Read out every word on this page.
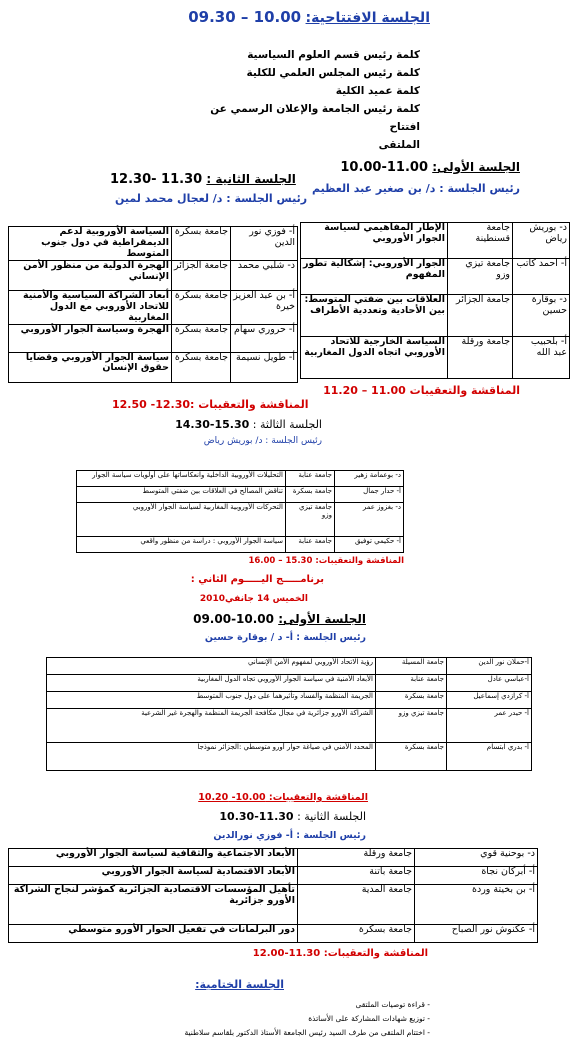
الجلسة الافتتاحية: 10.00 – 09.30
كلمة رئيس قسم العلوم السياسية
كلمة رئيس المجلس العلمي للكلية
كلمة عميد الكلية
كلمة رئيس الجامعة والإعلان الرسمي عن افتتاح
الملتقى
الجلسة الأولى: 11.00-10.00
رئيس الجلسة : د/ بن صغير عبد العظيم
د- بوريش رياض	جامعة قسنطينة	الإطار المفاهيمي لسياسة الجوار الأوروبي
أ- احمد كاتب	جامعة تيزي وزو	الجوار الأوروبي: إشكالية تطور المفهوم
د- بوقارة حسين	جامعة الجزائر	العلاقات بين ضفتي المتوسط: بين الأحادية وتعددية الأطراف
أ- بلحبيب عبد الله	جامعة ورقلة	السياسة الخارجية للاتحاد الأوروبي اتجاه الدول المغاربية
المناقشة والتعقيبات 11.00 – 11.20
الجلسة الثانية : 11.30 -12.30
رئيس الجلسة : د/ لعجال محمد لمين
أ- فوزي نور الدين	جامعة بسكرة	السياسة الأوروبية لدعم الديمقراطية في دول جنوب المتوسط
د- شلبي محمد	جامعة الجزائر	الهجرة الدولية من منظور الأمن الإنساني
أ- بن عبد العزيز خيرة	جامعة بسكرة	أبعاد الشراكة السياسية والأمنية للاتحاد الأوروبي مع الدول المغاربية
أ- حروري سهام	جامعة بسكرة	الهجرة وسياسة الجوار الأوروبي
أ- طويل نسيمة	جامعة بسكرة	سياسة الجوار الأوروبي وقضايا حقوق الإنسان
المناقشة والتعقيبات :12.30- 12.50
الجلسة الثالثة : 15.30-14.30
رئيس الجلسة : د/ بوريش رياض
د- بوعمامة زهير	جامعة عنابة	التحليلات الأوروبية الداخلية وانعكاساتها على أولويات سياسة الجوار
أ- حدار جمال	جامعة بسكرة	تناقض المصالح في العلاقات بين ضفتي المتوسط
د- بغزوز عمر	جامعة تيزي وزو	التحركات الأوروبية المغاربية لسياسة الجوار الأوروبي
أ- حكيمي توفيق	جامعة عنابة	سياسة الجوار الأوروبي : دراسة من منظور واقعي
المناقشة والتعقيبات: 15.30 – 16.00
برنامـــــج اليـــــوم الثاني :
الخميس 14 جانفي2010
الجلسة الأولى: 10.00-09.00
رئيس الجلسة : أ- د / بوقارة حسين
أ-حملان نور الدين	جامعة المسيلة	رؤية الاتحاد الأوروبي لمفهوم الأمن الإنساني
أ-عباسي عادل	جامعة عنابة	الأبعاد الأمنية في سياسة الجوار الأوروبي تجاه الدول المغاربية
أ- كرازدي إسماعيل	جامعة بسكرة	الجريمة المنظمة والفساد وتأثيرهما على دول جنوب المتوسط
أ- حيدر عمر	جامعة تيزي وزو	الشراكة الأورو جزائرية في مجال مكافحة الجريمة المنظمة والهجرة غير الشرعية
أ- بدري ابتسام	جامعة بسكرة	المحدد الأمني في صياغة حوار أورو متوسطي :الجزائر نموذجا
المناقشة والتعقيبات: 10.00- 10.20
الجلسة الثانية : 11.30-10.30
رئيس الجلسة : أ- فوزي نورالدين
د- بوحنية قوي	جامعة ورقلة	الأبعاد الاجتماعية والثقافية لسياسة الجوار الأوروبي
أ- أبركان نجاة	جامعة باتنة	الأبعاد الاقتصادية لسياسة الجوار الأوروبي
أ- بن بخيتة وردة	جامعة المدية	تأهيل المؤسسات الاقتصادية الجزائرية كمؤشر لنجاح الشراكة الأورو جزائرية
أ- عكنوش نور الصباح	جامعة بسكرة	دور البرلمانات في تفعيل الحوار الأورو متوسطي
المناقشة والتعقيبات: 11.30-12.00
الجلسة الختامية:
- قراءة توصيات الملتقى
- توزيع شهادات المشاركة على الأساتذة
- اختتام الملتقى من طرف السيد رئيس الجامعة الأستاذ الدكتور بلقاسم سلاطنية
